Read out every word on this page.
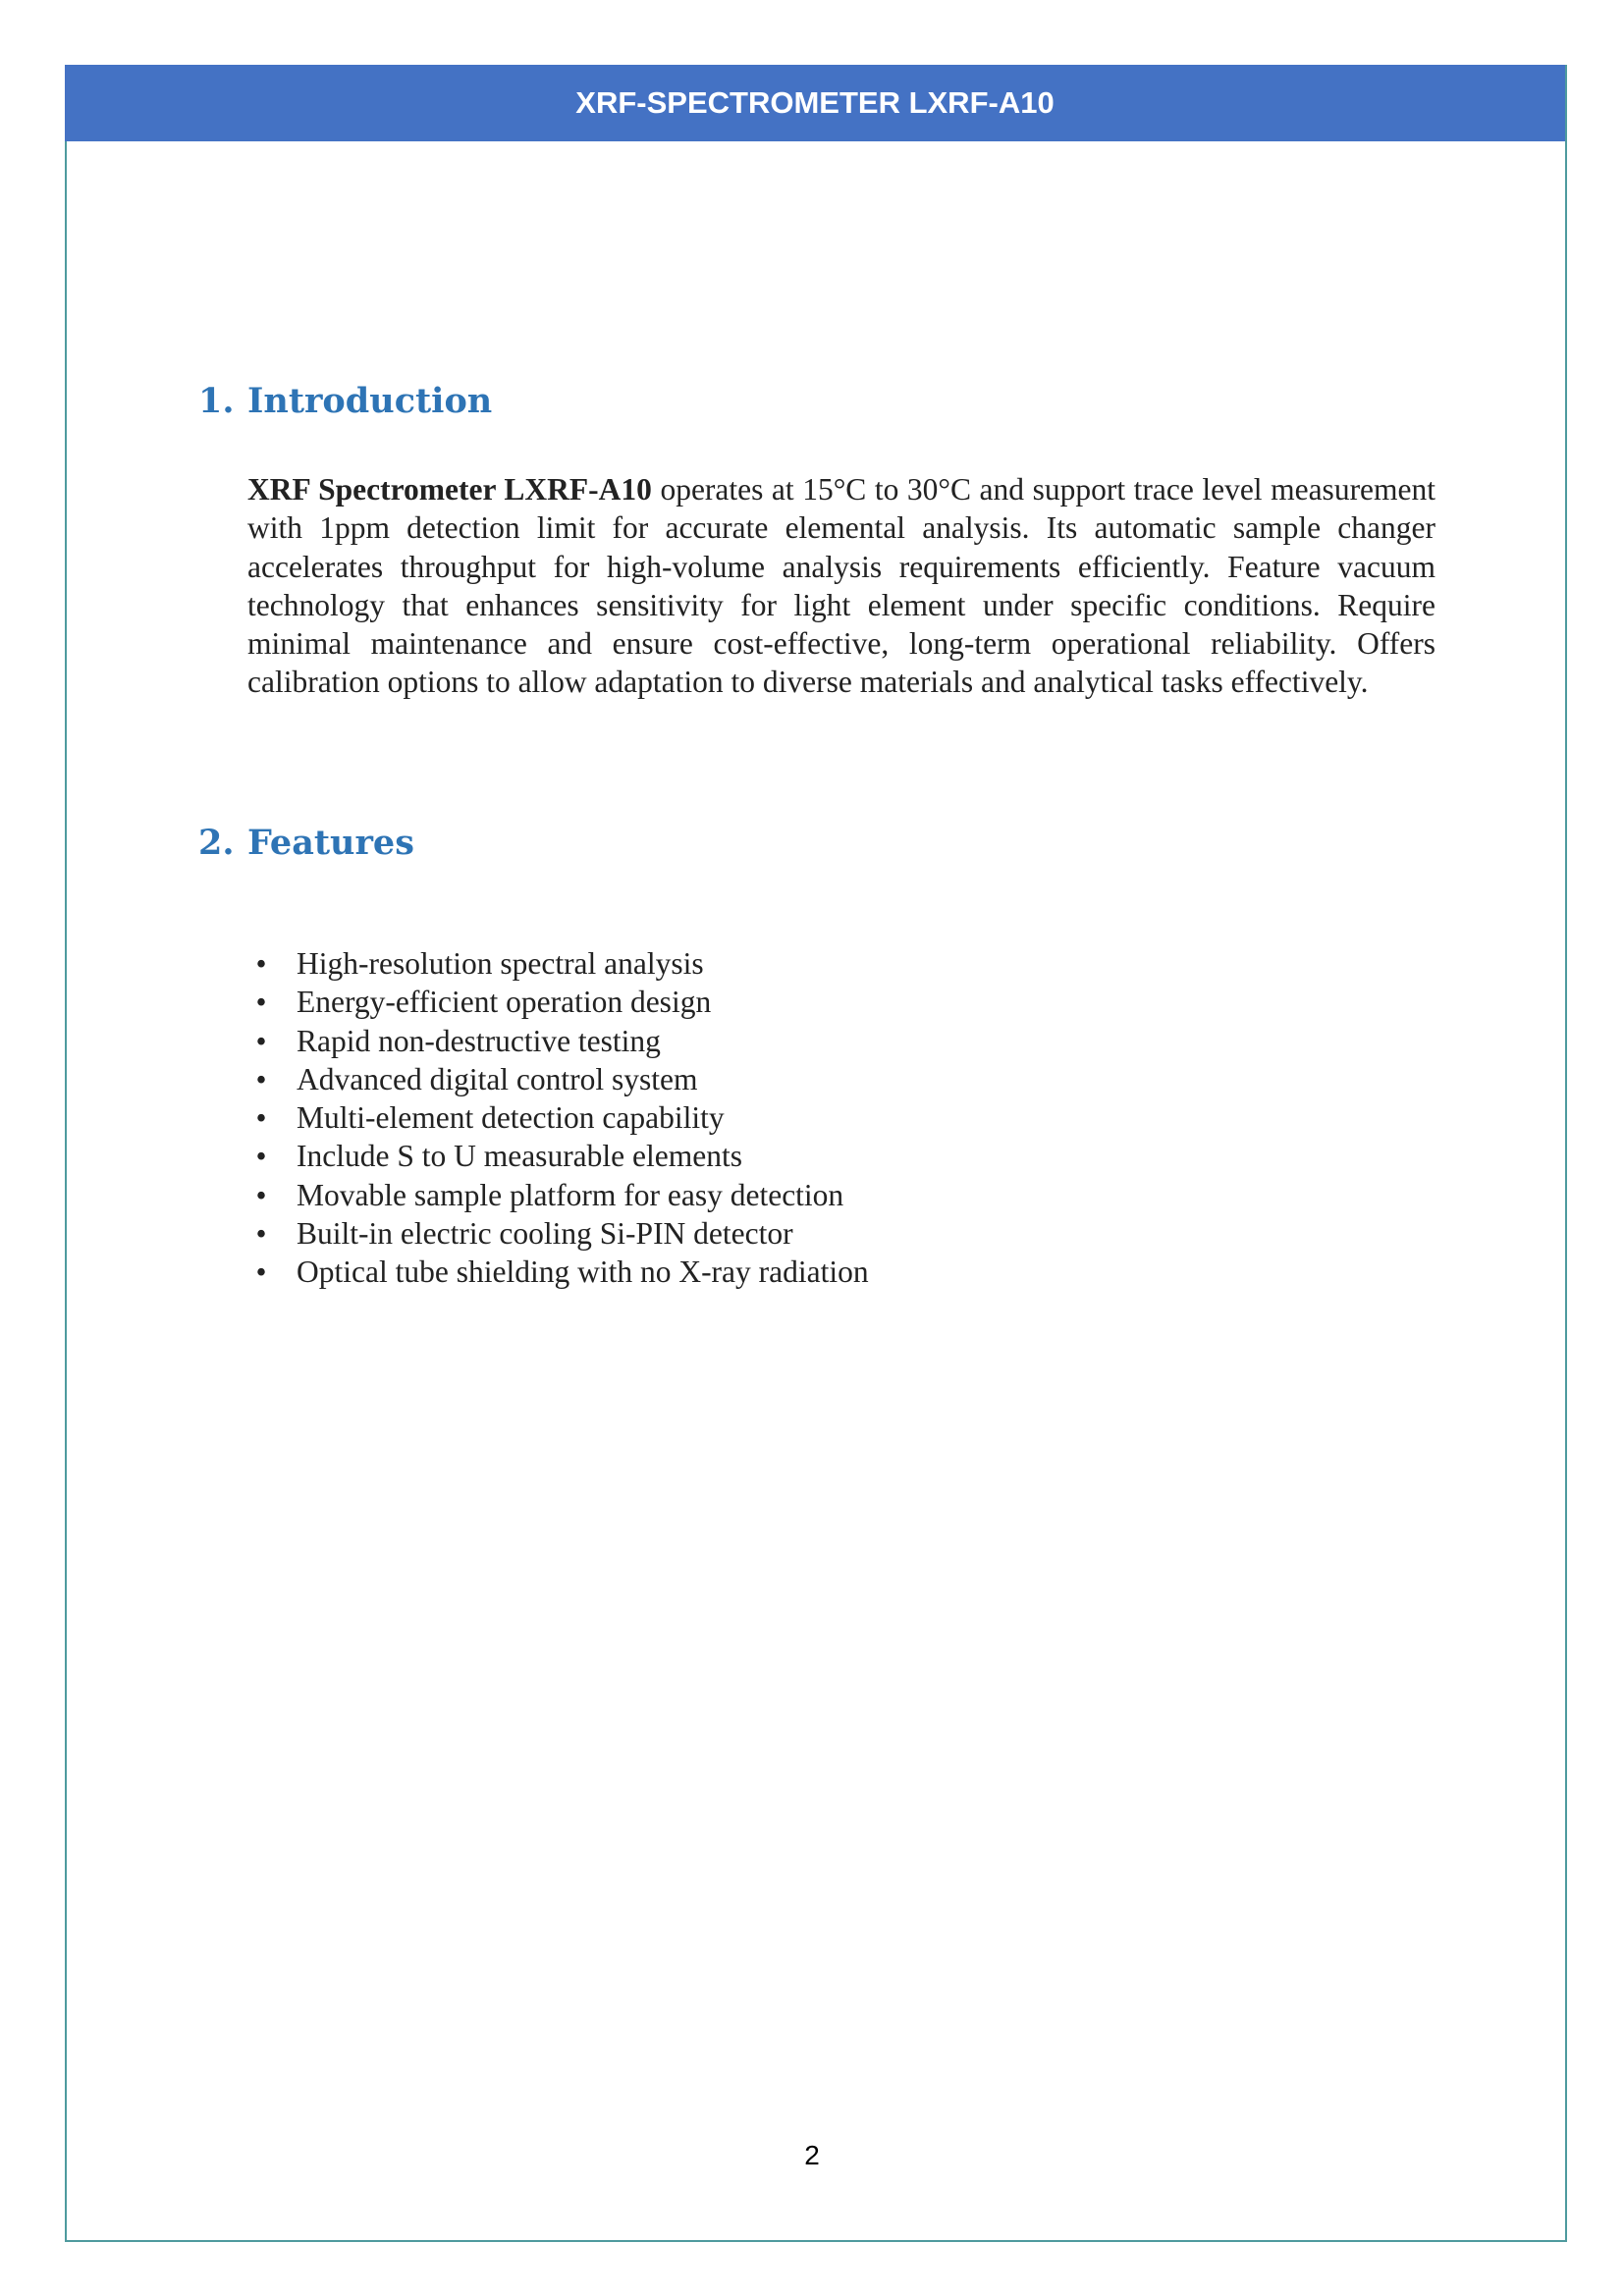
XRF-SPECTROMETER LXRF-A10
1. Introduction

XRF Spectrometer LXRF-A10 operates at 15°C to 30°C and support trace level measurement with 1ppm detection limit for accurate elemental analysis. Its automatic sample changer accelerates throughput for high-volume analysis requirements efficiently. Feature vacuum technology that enhances sensitivity for light element under specific conditions. Require minimal maintenance and ensure cost-effective, long-term operational reliability. Offers calibration options to allow adaptation to diverse materials and analytical tasks effectively.

2. Features
• High-resolution spectral analysis
• Energy-efficient operation design
• Rapid non-destructive testing
• Advanced digital control system
• Multi-element detection capability
• Include S to U measurable elements
• Movable sample platform for easy detection
• Built-in electric cooling Si-PIN detector
• Optical tube shielding with no X-ray radiation
2
